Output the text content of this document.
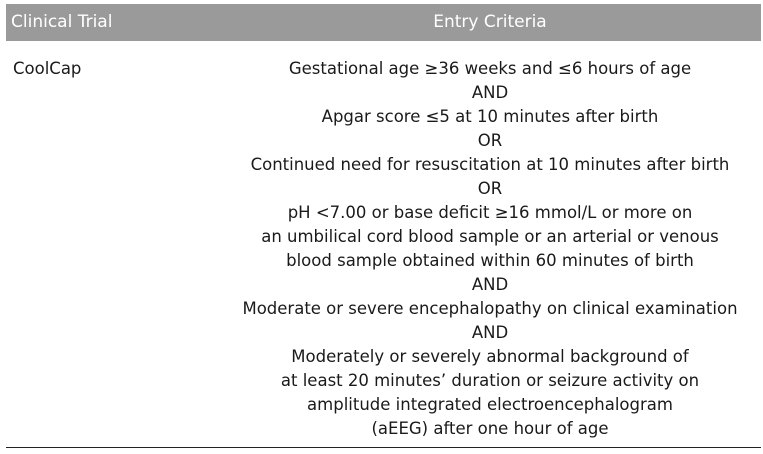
Clinical Trial	Entry Criteria
CoolCap	Gestational age ≥36 weeks and ≤6 hours of age
AND
Apgar score ≤5 at 10 minutes after birth
OR
Continued need for resuscitation at 10 minutes after birth
OR
pH <7.00 or base deficit ≥16 mmol/L or more on
an umbilical cord blood sample or an arterial or venous
blood sample obtained within 60 minutes of birth
AND
Moderate or severe encephalopathy on clinical examination
AND
Moderately or severely abnormal background of
at least 20 minutes’ duration or seizure activity on
amplitude integrated electroencephalogram
(aEEG) after one hour of age
